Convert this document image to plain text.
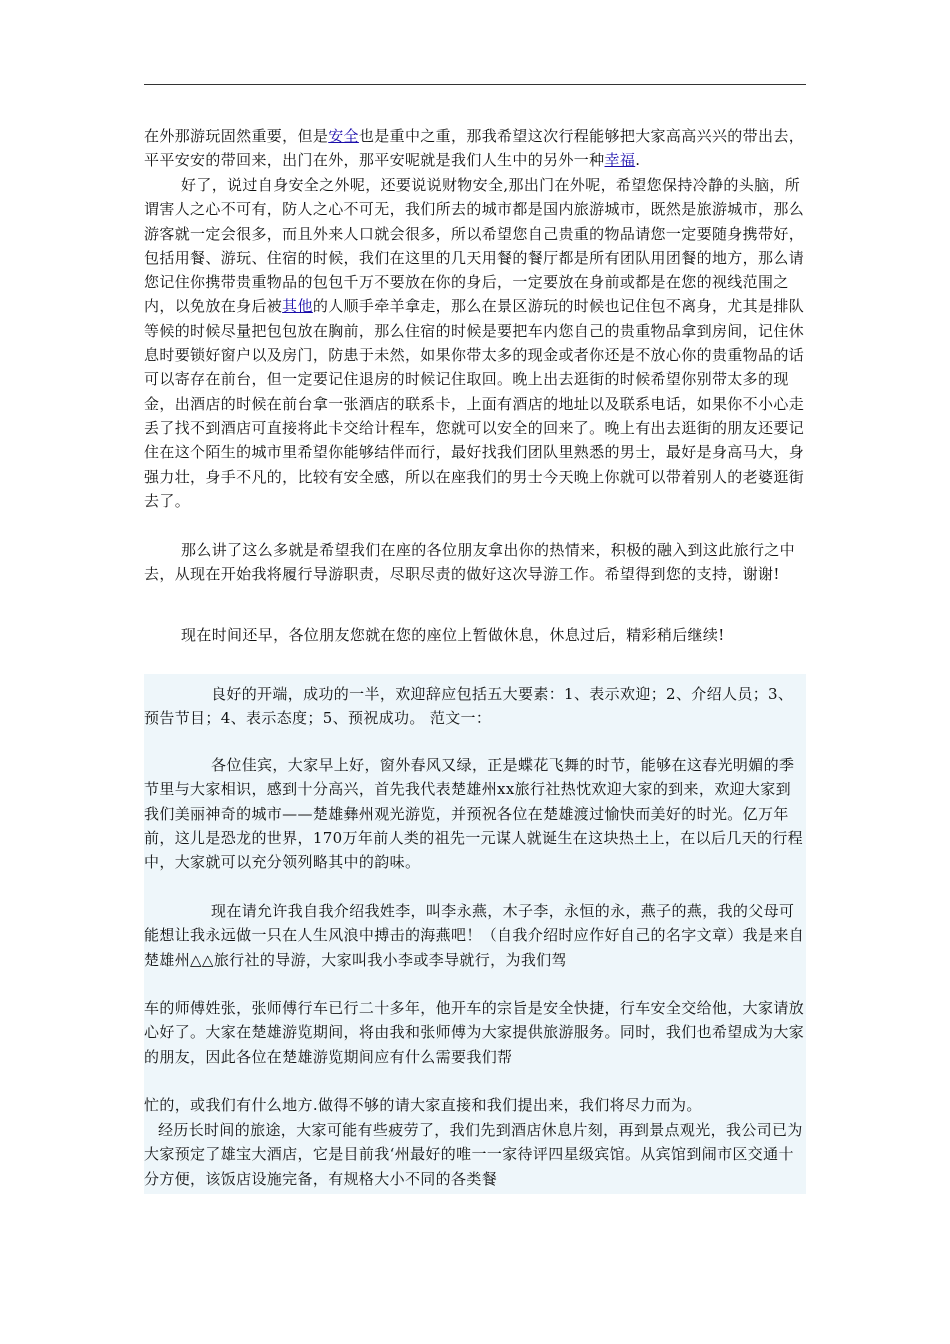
在外那游玩固然重要，但是安全也是重中之重，那我希望这次行程能够把大家高高兴兴的带出去，平平安安的带回来，出门在外，那平安呢就是我们人生中的另外一种幸福.

好了，说过自身安全之外呢，还要说说财物安全,那出门在外呢，希望您保持冷静的头脑，所谓害人之心不可有，防人之心不可无，我们所去的城市都是国内旅游城市，既然是旅游城市，那么游客就一定会很多，而且外来人口就会很多，所以希望您自己贵重的物品请您一定要随身携带好，包括用餐、游玩、住宿的时候，我们在这里的几天用餐的餐厅都是所有团队用团餐的地方，那么请您记住你携带贵重物品的包包千万不要放在你的身后，一定要放在身前或都是在您的视线范围之内，以免放在身后被其他的人顺手牵羊拿走，那么在景区游玩的时候也记住包不离身，尤其是排队等候的时候尽量把包包放在胸前，那么住宿的时候是要把车内您自己的贵重物品拿到房间，记住休息时要锁好窗户以及房门，防患于未然，如果你带太多的现金或者你还是不放心你的贵重物品的话可以寄存在前台，但一定要记住退房的时候记住取回。晚上出去逛街的时候希望你别带太多的现金，出酒店的时候在前台拿一张酒店的联系卡，上面有酒店的地址以及联系电话，如果你不小心走丢了找不到酒店可直接将此卡交给计程车，您就可以安全的回来了。晚上有出去逛街的朋友还要记住在这个陌生的城市里希望你能够结伴而行，最好找我们团队里熟悉的男士，最好是身高马大，身强力壮，身手不凡的，比较有安全感，所以在座我们的男士今天晚上你就可以带着别人的老婆逛街去了。

那么讲了这么多就是希望我们在座的各位朋友拿出你的热情来，积极的融入到这此旅行之中去，从现在开始我将履行导游职责，尽职尽责的做好这次导游工作。希望得到您的支持，谢谢!

现在时间还早，各位朋友您就在您的座位上暂做休息，休息过后，精彩稍后继续!

良好的开端，成功的一半，欢迎辞应包括五大要素：1、表示欢迎；2、介绍人员；3、预告节目；4、表示态度；5、预祝成功。 范文一：

各位佳宾，大家早上好，窗外春风又绿，正是蝶花飞舞的时节，能够在这春光明媚的季节里与大家相识，感到十分高兴，首先我代表楚雄州xx旅行社热忱欢迎大家的到来，欢迎大家到我们美丽神奇的城市——楚雄彝州观光游览，并预祝各位在楚雄渡过愉快而美好的时光。亿万年前，这儿是恐龙的世界，170万年前人类的祖先一元谋人就诞生在这块热土上，在以后几天的行程中，大家就可以充分领列略其中的韵味。

现在请允许我自我介绍我姓李，叫李永燕，木子李，永恒的永，燕子的燕，我的父母可能想让我永远做一只在人生风浪中搏击的海燕吧！（自我介绍时应作好自己的名字文章）我是来自楚雄州△△旅行社的导游，大家叫我小李或李导就行，为我们驾

车的师傅姓张，张师傅行车已行二十多年，他开车的宗旨是安全快捷，行车安全交给他，大家请放心好了。大家在楚雄游览期间，将由我和张师傅为大家提供旅游服务。同时，我们也希望成为大家的朋友，因此各位在楚雄游览期间应有什么需要我们帮

忙的，或我们有什么地方.做得不够的请大家直接和我们提出来，我们将尽力而为。

经历长时间的旅途，大家可能有些疲劳了，我们先到酒店休息片刻，再到景点观光，我公司已为大家预定了雄宝大酒店，它是目前我‘州最好的唯一一家待评四星级宾馆。从宾馆到闹市区交通十分方便，该饭店设施完备，有规格大小不同的各类餐
